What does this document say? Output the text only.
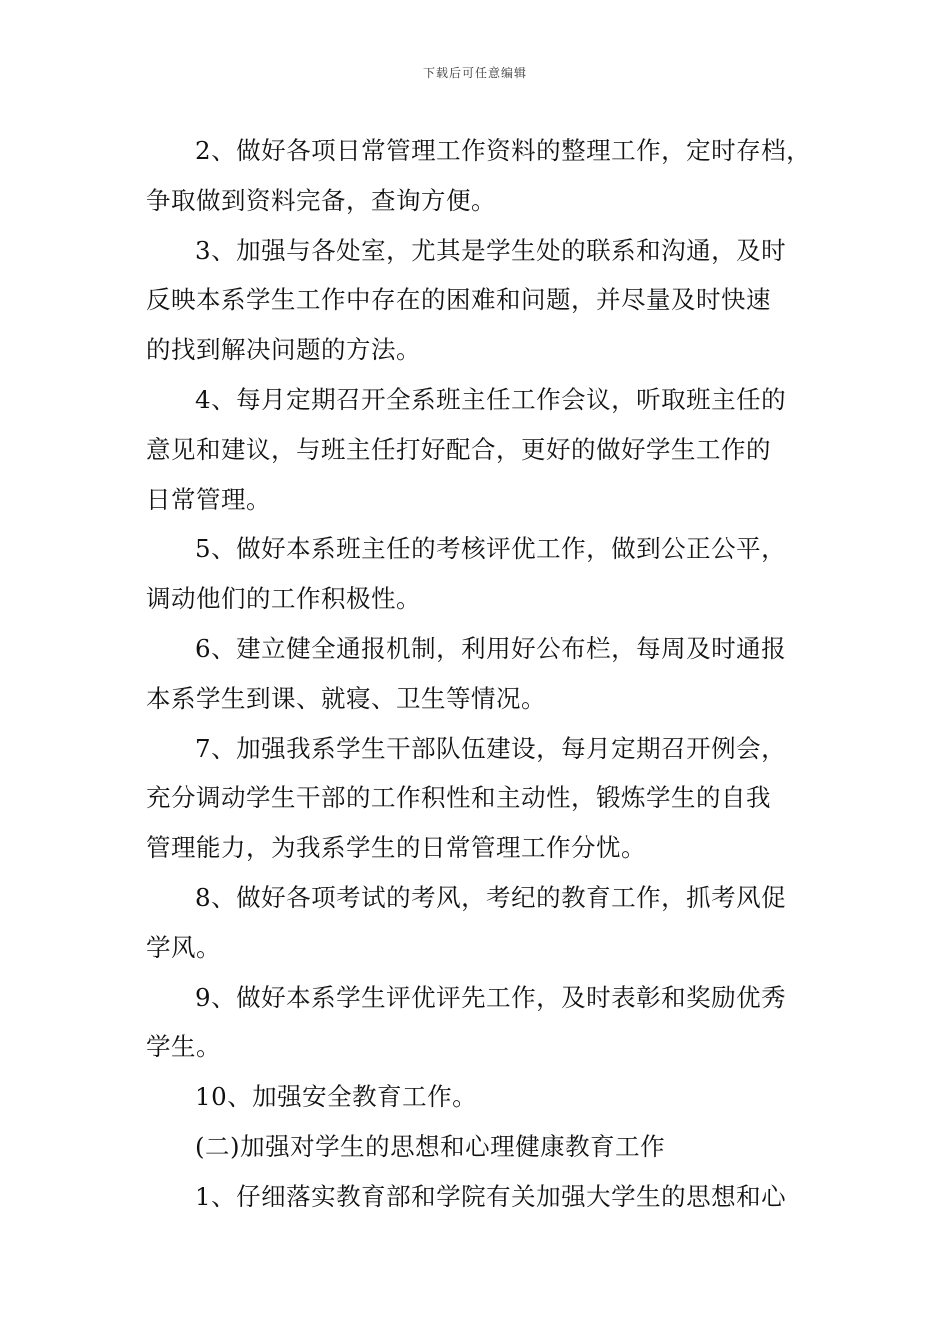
下载后可任意编辑
2、做好各项日常管理工作资料的整理工作，定时存档，
争取做到资料完备，查询方便。
3、加强与各处室，尤其是学生处的联系和沟通，及时
反映本系学生工作中存在的困难和问题，并尽量及时快速
的找到解决问题的方法。
4、每月定期召开全系班主任工作会议，听取班主任的
意见和建议，与班主任打好配合，更好的做好学生工作的
日常管理。
5、做好本系班主任的考核评优工作，做到公正公平，
调动他们的工作积极性。
6、建立健全通报机制，利用好公布栏，每周及时通报
本系学生到课、就寝、卫生等情况。
7、加强我系学生干部队伍建设，每月定期召开例会，
充分调动学生干部的工作积性和主动性，锻炼学生的自我
管理能力，为我系学生的日常管理工作分忧。
8、做好各项考试的考风，考纪的教育工作，抓考风促
学风。
9、做好本系学生评优评先工作，及时表彰和奖励优秀
学生。
10、加强安全教育工作。
(二)加强对学生的思想和心理健康教育工作
1、仔细落实教育部和学院有关加强大学生的思想和心
